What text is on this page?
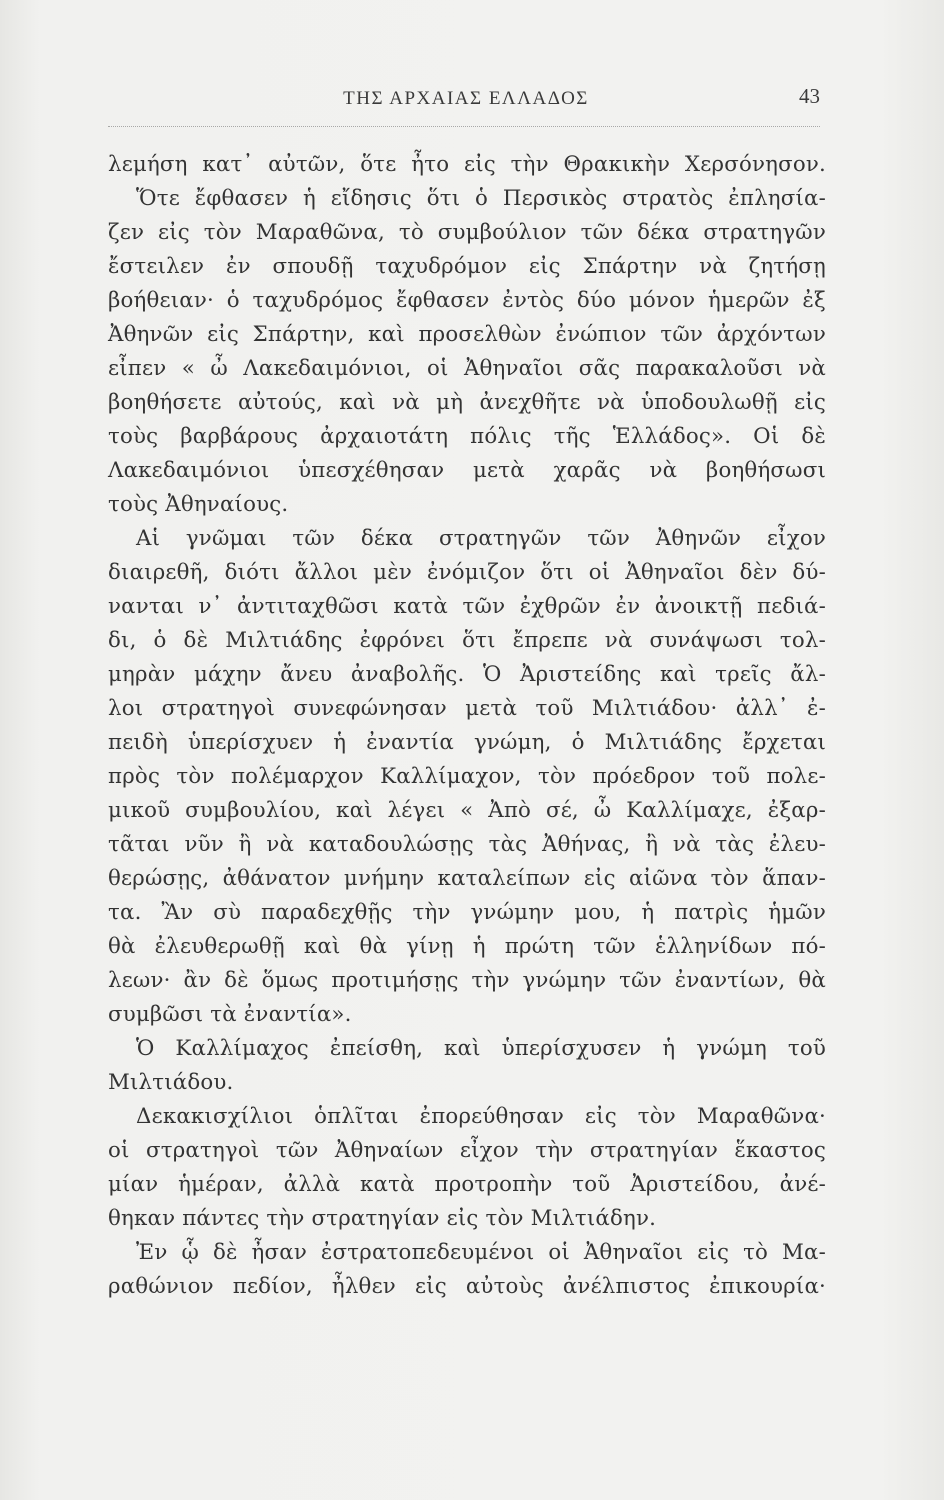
ΤΗΣ ΑΡΧΑΙΑΣ ΕΛΛΑΔΟΣ	43
λεμήση κατ᾽ αὐτῶν, ὅτε ἦτο εἰς τὴν Θρακικὴν Χερσόνησον.
Ὅτε ἔφθασεν ἡ εἴδησις ὅτι ὁ Περσικὸς στρατὸς ἐπλησία-
ζεν εἰς τὸν Μαραθῶνα, τὸ συμβούλιον τῶν δέκα στρατηγῶν
ἔστειλεν ἐν σπουδῇ ταχυδρόμον εἰς Σπάρτην νὰ ζητήσῃ
βοήθειαν· ὁ ταχυδρόμος ἔφθασεν ἐντὸς δύο μόνον ἡμερῶν ἐξ
Ἀθηνῶν εἰς Σπάρτην, καὶ προσελθὼν ἐνώπιον τῶν ἀρχόντων
εἶπεν « ὦ Λακεδαιμόνιοι, οἱ Ἀθηναῖοι σᾶς παρακαλοῦσι νὰ
βοηθήσετε αὐτούς, καὶ νὰ μὴ ἀνεχθῆτε νὰ ὑποδουλωθῇ εἰς
τοὺς βαρβάρους ἀρχαιοτάτη πόλις τῆς Ἑλλάδος». Οἱ δὲ
Λακεδαιμόνιοι ὑπεσχέθησαν μετὰ χαρᾶς νὰ βοηθήσωσι
τοὺς Ἀθηναίους.
Αἱ γνῶμαι τῶν δέκα στρατηγῶν τῶν Ἀθηνῶν εἶχον
διαιρεθῆ, διότι ἄλλοι μὲν ἐνόμιζον ὅτι οἱ Ἀθηναῖοι δὲν δύ-
νανται ν᾽ ἀντιταχθῶσι κατὰ τῶν ἐχθρῶν ἐν ἀνοικτῇ πεδιά-
δι, ὁ δὲ Μιλτιάδης ἐφρόνει ὅτι ἔπρεπε νὰ συνάψωσι τολ-
μηρὰν μάχην ἄνευ ἀναβολῆς. Ὁ Ἀριστείδης καὶ τρεῖς ἄλ-
λοι στρατηγοὶ συνεφώνησαν μετὰ τοῦ Μιλτιάδου· ἀλλ᾽ ἐ-
πειδὴ ὑπερίσχυεν ἡ ἐναντία γνώμη, ὁ Μιλτιάδης ἔρχεται
πρὸς τὸν πολέμαρχον Καλλίμαχον, τὸν πρόεδρον τοῦ πολε-
μικοῦ συμβουλίου, καὶ λέγει « Ἀπὸ σέ, ὦ Καλλίμαχε, ἐξαρ-
τᾶται νῦν ἢ νὰ καταδουλώσῃς τὰς Ἀθήνας, ἢ νὰ τὰς ἐλευ-
θερώσῃς, ἀθάνατον μνήμην καταλείπων εἰς αἰῶνα τὸν ἅπαν-
τα. Ἂν σὺ παραδεχθῇς τὴν γνώμην μου, ἡ πατρὶς ἡμῶν
θὰ ἐλευθερωθῇ καὶ θὰ γίνῃ ἡ πρώτη τῶν ἑλληνίδων πό-
λεων· ἂν δὲ ὅμως προτιμήσῃς τὴν γνώμην τῶν ἐναντίων, θὰ
συμβῶσι τὰ ἐναντία».
Ὁ Καλλίμαχος ἐπείσθη, καὶ ὑπερίσχυσεν ἡ γνώμη τοῦ
Μιλτιάδου.
Δεκακισχίλιοι ὁπλῖται ἐπορεύθησαν εἰς τὸν Μαραθῶνα·
οἱ στρατηγοὶ τῶν Ἀθηναίων εἶχον τὴν στρατηγίαν ἕκαστος
μίαν ἡμέραν, ἀλλὰ κατὰ προτροπὴν τοῦ Ἀριστείδου, ἀνέ-
θηκαν πάντες τὴν στρατηγίαν εἰς τὸν Μιλτιάδην.
Ἐν ᾧ δὲ ἦσαν ἐστρατοπεδευμένοι οἱ Ἀθηναῖοι εἰς τὸ Μα-
ραθώνιον πεδίον, ἦλθεν εἰς αὐτοὺς ἀνέλπιστος ἐπικουρία·
